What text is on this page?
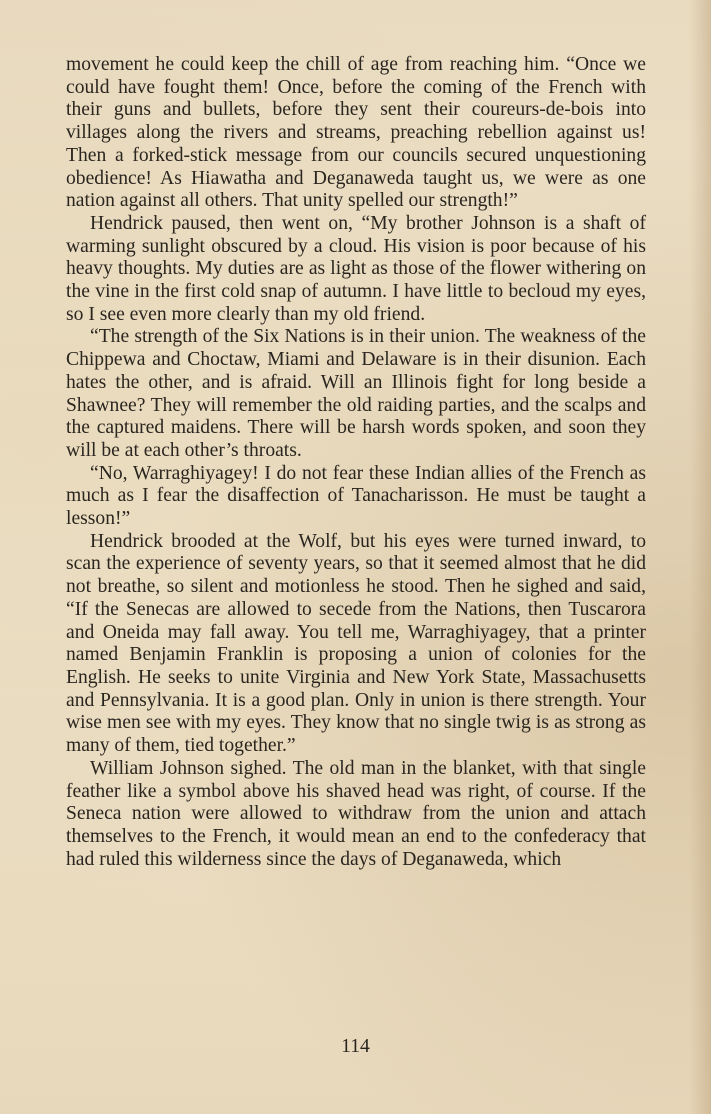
movement he could keep the chill of age from reaching him. “Once we could have fought them! Once, before the coming of the French with their guns and bullets, before they sent their coureurs-de-bois into villages along the rivers and streams, preaching rebellion against us! Then a forked-stick message from our councils secured unquestioning obedience! As Hiawatha and Deganaweda taught us, we were as one nation against all others. That unity spelled our strength!”

Hendrick paused, then went on, “My brother Johnson is a shaft of warming sunlight obscured by a cloud. His vision is poor because of his heavy thoughts. My duties are as light as those of the flower withering on the vine in the first cold snap of autumn. I have little to becloud my eyes, so I see even more clearly than my old friend.

“The strength of the Six Nations is in their union. The weakness of the Chippewa and Choctaw, Miami and Delaware is in their disunion. Each hates the other, and is afraid. Will an Illinois fight for long beside a Shawnee? They will remember the old raiding parties, and the scalps and the captured maidens. There will be harsh words spoken, and soon they will be at each other’s throats.

“No, Warraghiyagey! I do not fear these Indian allies of the French as much as I fear the disaffection of Tanacharisson. He must be taught a lesson!”

Hendrick brooded at the Wolf, but his eyes were turned inward, to scan the experience of seventy years, so that it seemed almost that he did not breathe, so silent and motionless he stood. Then he sighed and said, “If the Senecas are allowed to secede from the Nations, then Tuscarora and Oneida may fall away. You tell me, Warraghiyagey, that a printer named Benjamin Franklin is proposing a union of colonies for the English. He seeks to unite Virginia and New York State, Massachusetts and Pennsylvania. It is a good plan. Only in union is there strength. Your wise men see with my eyes. They know that no single twig is as strong as many of them, tied together.”

William Johnson sighed. The old man in the blanket, with that single feather like a symbol above his shaved head was right, of course. If the Seneca nation were allowed to withdraw from the union and attach themselves to the French, it would mean an end to the confederacy that had ruled this wilderness since the days of Deganaweda, which

114
